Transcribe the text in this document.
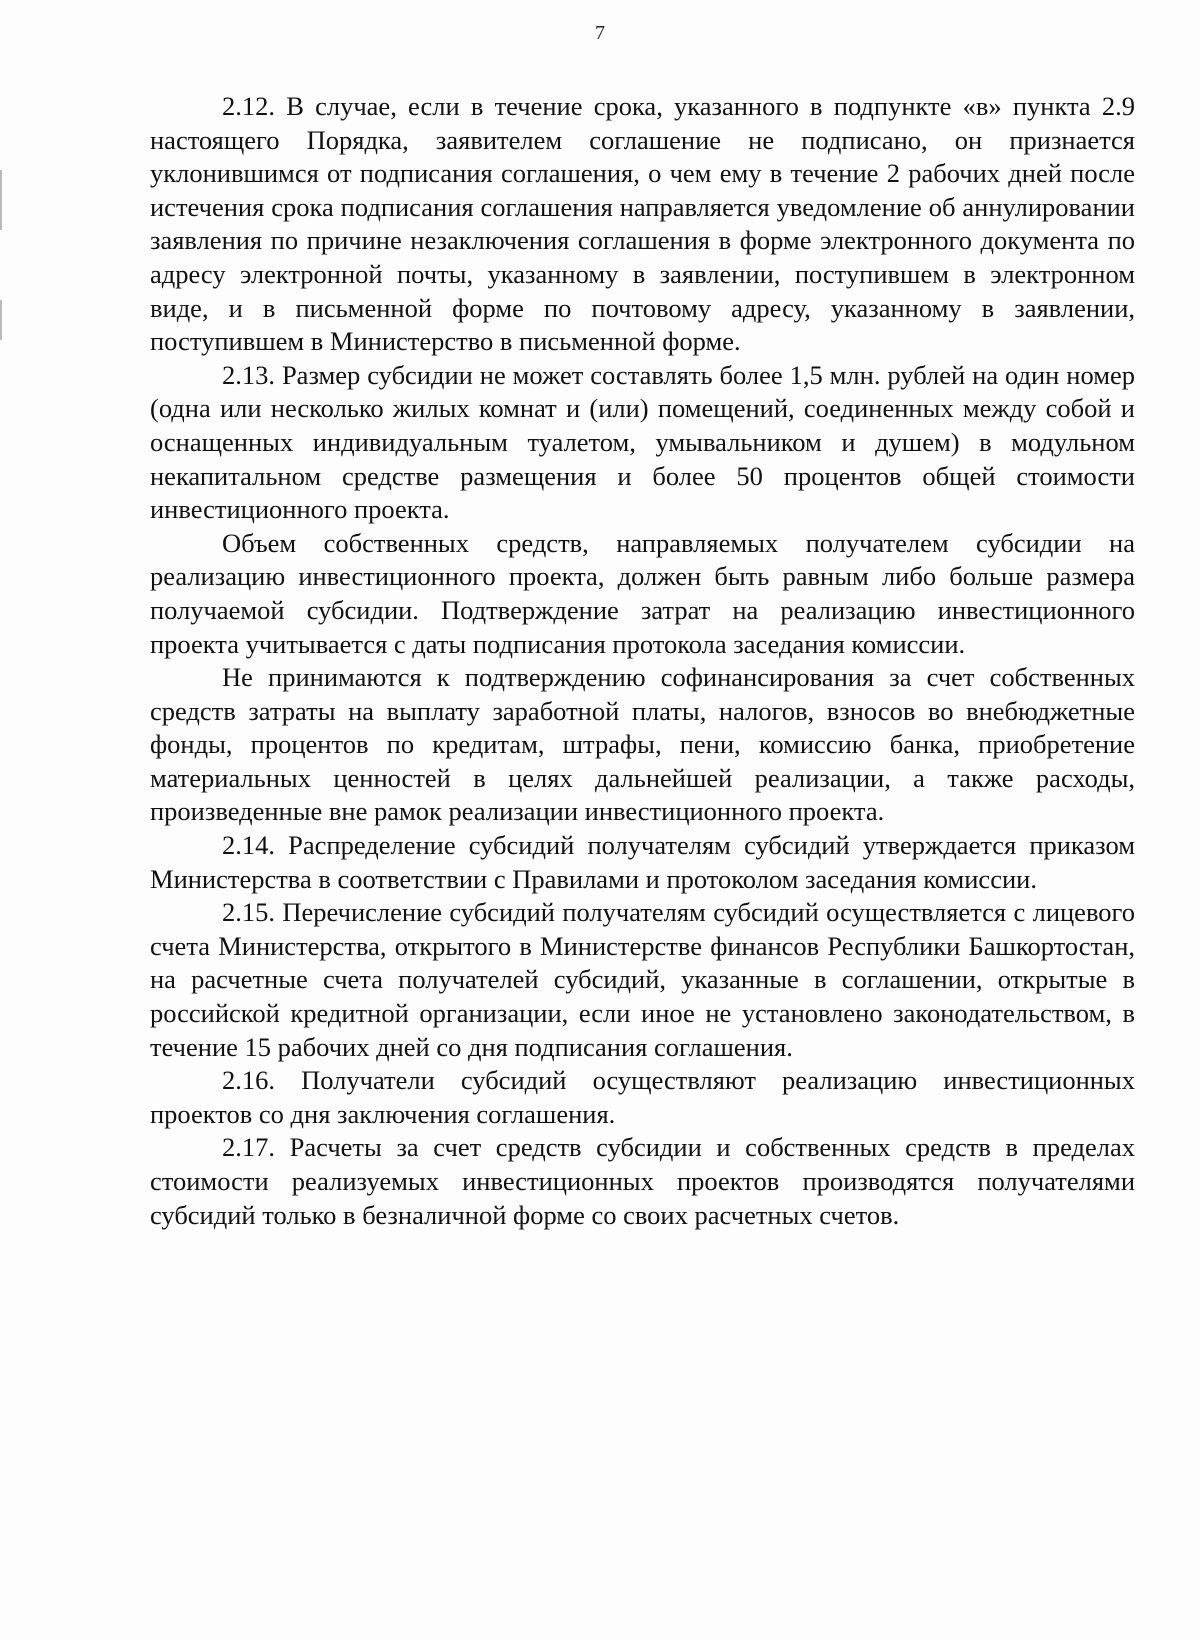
7

2.12. В случае, если в течение срока, указанного в подпункте «в» пункта 2.9 настоящего Порядка, заявителем соглашение не подписано, он признается уклонившимся от подписания соглашения, о чем ему в течение 2 рабочих дней после истечения срока подписания соглашения направляется уведомление об аннулировании заявления по причине незаключения соглашения в форме электронного документа по адресу электронной почты, указанному в заявлении, поступившем в электронном виде, и в письменной форме по почтовому адресу, указанному в заявлении, поступившем в Министерство в письменной форме.

2.13. Размер субсидии не может составлять более 1,5 млн. рублей на один номер (одна или несколько жилых комнат и (или) помещений, соединенных между собой и оснащенных индивидуальным туалетом, умывальником и душем) в модульном некапитальном средстве размещения и более 50 процентов общей стоимости инвестиционного проекта.

Объем собственных средств, направляемых получателем субсидии на реализацию инвестиционного проекта, должен быть равным либо больше размера получаемой субсидии. Подтверждение затрат на реализацию инвестиционного проекта учитывается с даты подписания протокола заседания комиссии.

Не принимаются к подтверждению софинансирования за счет собственных средств затраты на выплату заработной платы, налогов, взносов во внебюджетные фонды, процентов по кредитам, штрафы, пени, комиссию банка, приобретение материальных ценностей в целях дальнейшей реализации, а также расходы, произведенные вне рамок реализации инвестиционного проекта.

2.14. Распределение субсидий получателям субсидий утверждается приказом Министерства в соответствии с Правилами и протоколом заседания комиссии.

2.15. Перечисление субсидий получателям субсидий осуществляется с лицевого счета Министерства, открытого в Министерстве финансов Республики Башкортостан, на расчетные счета получателей субсидий, указанные в соглашении, открытые в российской кредитной организации, если иное не установлено законодательством, в течение 15 рабочих дней со дня подписания соглашения.

2.16. Получатели субсидий осуществляют реализацию инвестиционных проектов со дня заключения соглашения.

2.17. Расчеты за счет средств субсидии и собственных средств в пределах стоимости реализуемых инвестиционных проектов производятся получателями субсидий только в безналичной форме со своих расчетных счетов.
